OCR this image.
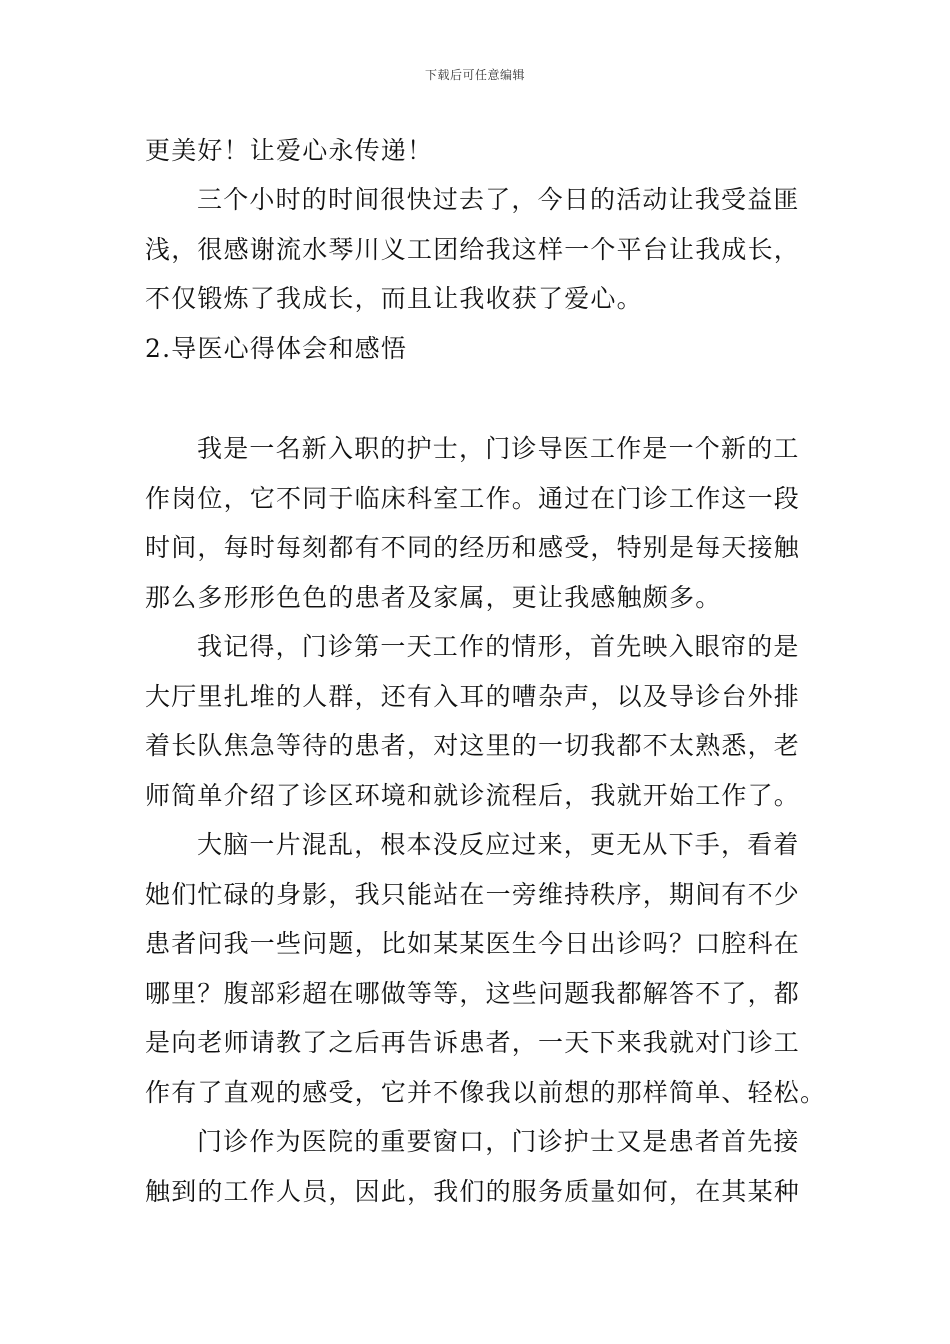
下载后可任意编辑
更美好！让爱心永传递！
三个小时的时间很快过去了，今日的活动让我受益匪
浅，很感谢流水琴川义工团给我这样一个平台让我成长，
不仅锻炼了我成长，而且让我收获了爱心。
2.导医心得体会和感悟
我是一名新入职的护士，门诊导医工作是一个新的工
作岗位，它不同于临床科室工作。通过在门诊工作这一段
时间，每时每刻都有不同的经历和感受，特别是每天接触
那么多形形色色的患者及家属，更让我感触颇多。
我记得，门诊第一天工作的情形，首先映入眼帘的是
大厅里扎堆的人群，还有入耳的嘈杂声，以及导诊台外排
着长队焦急等待的患者，对这里的一切我都不太熟悉，老
师简单介绍了诊区环境和就诊流程后，我就开始工作了。
大脑一片混乱，根本没反应过来，更无从下手，看着
她们忙碌的身影，我只能站在一旁维持秩序，期间有不少
患者问我一些问题，比如某某医生今日出诊吗？口腔科在
哪里？腹部彩超在哪做等等，这些问题我都解答不了，都
是向老师请教了之后再告诉患者，一天下来我就对门诊工
作有了直观的感受，它并不像我以前想的那样简单、轻松。
门诊作为医院的重要窗口，门诊护士又是患者首先接
触到的工作人员，因此，我们的服务质量如何，在其某种
